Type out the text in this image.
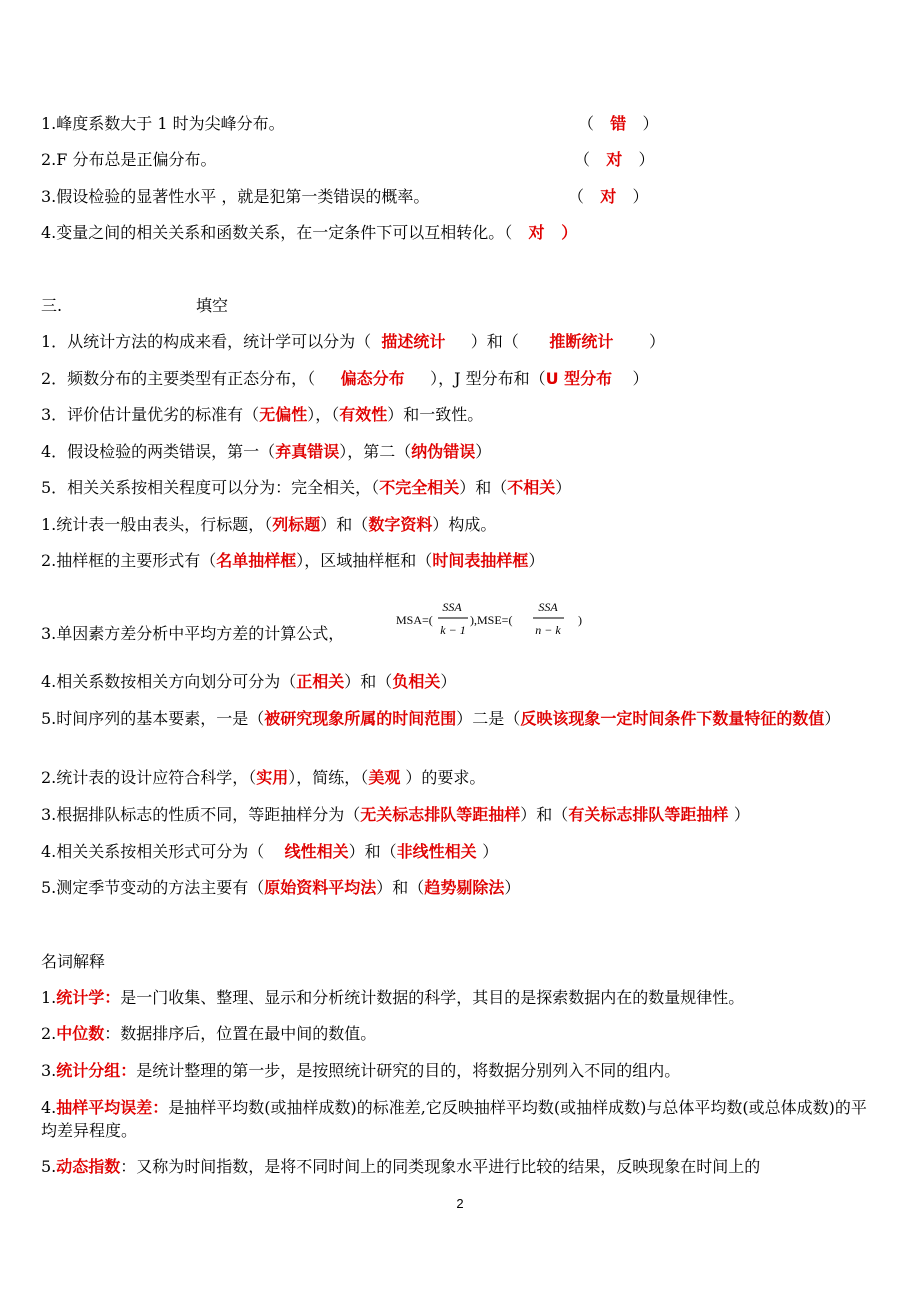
1.峰度系数大于 1 时为尖峰分布。	（   错   ）
2.F 分布总是正偏分布。	（   对   ）
3.假设检验的显著性水平 ，就是犯第一类错误的概率。	（   对   ）
4.变量之间的相关关系和函数关系，在一定条件下可以互相转化。（   对   ）
三.	填空
1．从统计方法的构成来看，统计学可以分为（  描述统计     ）和（      推断统计       ）
2．频数分布的主要类型有正态分布，（     偏态分布     ），J 型分布和（U 型分布    ）
3．评价估计量优劣的标准有（无偏性），（有效性）和一致性。
4．假设检验的两类错误，第一（弃真错误），第二（纳伪错误）
5．相关关系按相关程度可以分为：完全相关，（不完全相关）和（不相关）
1.统计表一般由表头，行标题，（列标题）和（数字资料）构成。
2.抽样框的主要形式有（名单抽样框），区域抽样框和（时间表抽样框）
3.单因素方差分析中平均方差的计算公式，
MSA=(
SSA
k − 1
),MSE=(
SSA
n − k
)
4.相关系数按相关方向划分可分为（正相关）和（负相关）
5.时间序列的基本要素，一是（被研究现象所属的时间范围）二是（反映该现象一定时间条件下数量特征的数值）
2.统计表的设计应符合科学，（实用），简练，（美观 ）的要求。
3.根据排队标志的性质不同，等距抽样分为（无关标志排队等距抽样）和（有关标志排队等距抽样 ）
4.相关关系按相关形式可分为（    线性相关）和（非线性相关 ）
5.测定季节变动的方法主要有（原始资料平均法）和（趋势剔除法）
名词解释
1.统计学：是一门收集、整理、显示和分析统计数据的科学，其目的是探索数据内在的数量规律性。
2.中位数：数据排序后，位置在最中间的数值。
3.统计分组：是统计整理的第一步，是按照统计研究的目的，将数据分别列入不同的组内。
4.抽样平均误差：是抽样平均数(或抽样成数)的标准差,它反映抽样平均数(或抽样成数)与总体平均数(或总体成数)的平均差异程度。
5.动态指数：又称为时间指数，是将不同时间上的同类现象水平进行比较的结果，反映现象在时间上的
2
